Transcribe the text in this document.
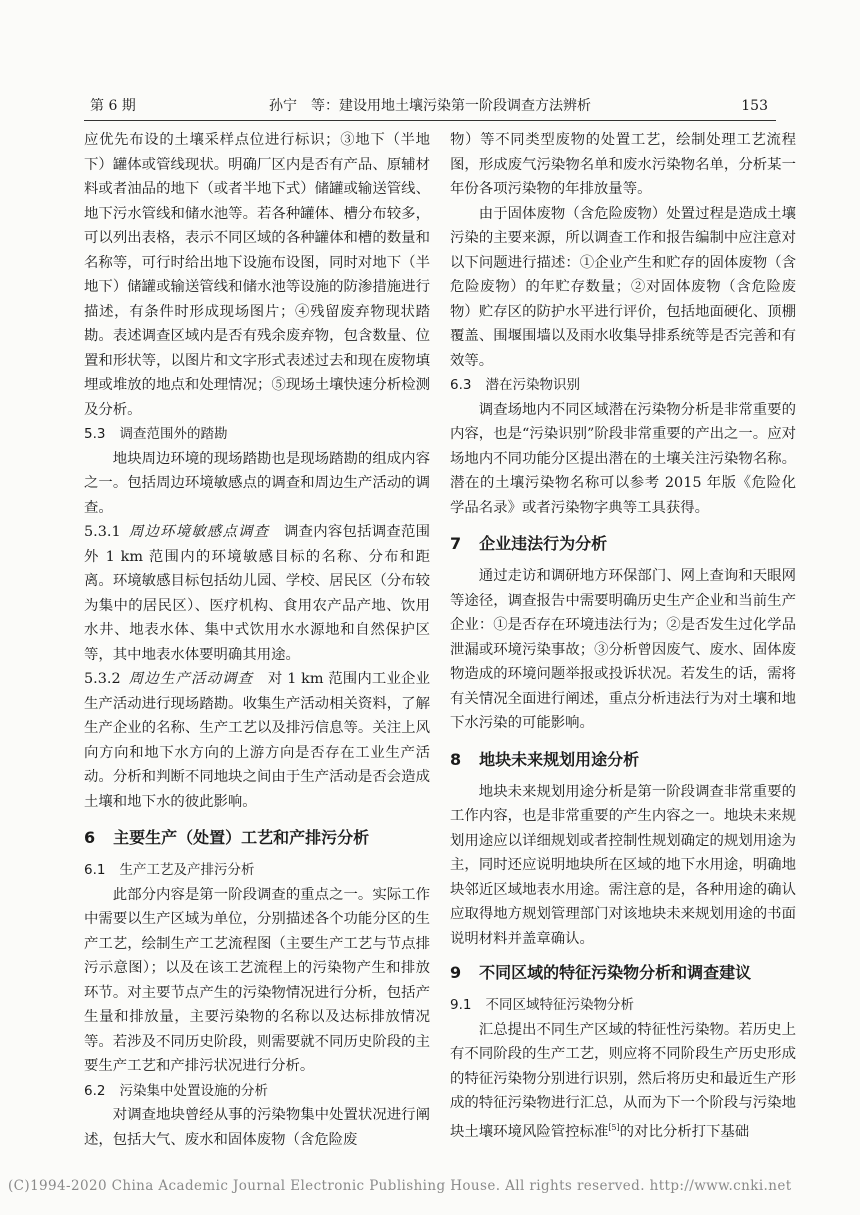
第 6 期	孙宁　等：建设用地土壤污染第一阶段调查方法辨析	153

应优先布设的土壤采样点位进行标识；③地下（半地下）罐体或管线现状。明确厂区内是否有产品、原辅材料或者油品的地下（或者半地下式）储罐或输送管线、地下污水管线和储水池等。若各种罐体、槽分布较多，可以列出表格，表示不同区域的各种罐体和槽的数量和名称等，可行时给出地下设施布设图，同时对地下（半地下）储罐或输送管线和储水池等设施的防渗措施进行描述，有条件时形成现场图片；④残留废弃物现状踏勘。表述调查区域内是否有残余废弃物，包含数量、位置和形状等，以图片和文字形式表述过去和现在废物填埋或堆放的地点和处理情况；⑤现场土壤快速分析检测及分析。

5.3 调查范围外的踏勘

地块周边环境的现场踏勘也是现场踏勘的组成内容之一。包括周边环境敏感点的调查和周边生产活动的调查。

5.3.1 周边环境敏感点调查　 调查内容包括调查范围外 1 km 范围内的环境敏感目标的名称、分布和距离。环境敏感目标包括幼儿园、学校、居民区（分布较为集中的居民区）、医疗机构、食用农产品产地、饮用水井、地表水体、集中式饮用水水源地和自然保护区等，其中地表水体要明确其用途。

5.3.2 周边生产活动调查　 对 1 km 范围内工业企业生产活动进行现场踏勘。收集生产活动相关资料，了解生产企业的名称、生产工艺以及排污信息等。关注上风向方向和地下水方向的上游方向是否存在工业生产活动。分析和判断不同地块之间由于生产活动是否会造成土壤和地下水的彼此影响。

6 主要生产（处置）工艺和产排污分析
6.1 生产工艺及产排污分析

此部分内容是第一阶段调查的重点之一。实际工作中需要以生产区域为单位，分别描述各个功能分区的生产工艺，绘制生产工艺流程图（主要生产工艺与节点排污示意图）；以及在该工艺流程上的污染物产生和排放环节。对主要节点产生的污染物情况进行分析，包括产生量和排放量，主要污染物的名称以及达标排放情况等。若涉及不同历史阶段，则需要就不同历史阶段的主要生产工艺和产排污状况进行分析。

6.2 污染集中处置设施的分析

对调查地块曾经从事的污染物集中处置状况进行阐述，包括大气、废水和固体废物（含危险废

物）等不同类型废物的处置工艺，绘制处理工艺流程图，形成废气污染物名单和废水污染物名单，分析某一年份各项污染物的年排放量等。

由于固体废物（含危险废物）处置过程是造成土壤污染的主要来源，所以调查工作和报告编制中应注意对以下问题进行描述：①企业产生和贮存的固体废物（含危险废物）的年贮存数量；②对固体废物（含危险废物）贮存区的防护水平进行评价，包括地面硬化、顶棚覆盖、围堰围墙以及雨水收集导排系统等是否完善和有效等。

6.3 潜在污染物识别

调查场地内不同区域潜在污染物分析是非常重要的内容，也是“污染识别”阶段非常重要的产出之一。应对场地内不同功能分区提出潜在的土壤关注污染物名称。潜在的土壤污染物名称可以参考 2015 年版《危险化学品名录》或者污染物字典等工具获得。

7 企业违法行为分析

通过走访和调研地方环保部门、网上查询和天眼网等途径，调查报告中需要明确历史生产企业和当前生产企业：①是否存在环境违法行为；②是否发生过化学品泄漏或环境污染事故；③分析曾因废气、废水、固体废物造成的环境问题举报或投诉状况。若发生的话，需将有关情况全面进行阐述，重点分析违法行为对土壤和地下水污染的可能影响。

8 地块未来规划用途分析

地块未来规划用途分析是第一阶段调查非常重要的工作内容，也是非常重要的产生内容之一。地块未来规划用途应以详细规划或者控制性规划确定的规划用途为主，同时还应说明地块所在区域的地下水用途，明确地块邻近区域地表水用途。需注意的是，各种用途的确认应取得地方规划管理部门对该地块未来规划用途的书面说明材料并盖章确认。

9 不同区域的特征污染物分析和调查建议
9.1 不同区域特征污染物分析

汇总提出不同生产区域的特征性污染物。若历史上有不同阶段的生产工艺，则应将不同阶段生产历史形成的特征污染物分别进行识别，然后将历史和最近生产形成的特征污染物进行汇总，从而为下一个阶段与污染地块土壤环境风险管控标准[5]的对比分析打下基础

(C)1994-2020 China Academic Journal Electronic Publishing House. All rights reserved. http://www.cnki.net
